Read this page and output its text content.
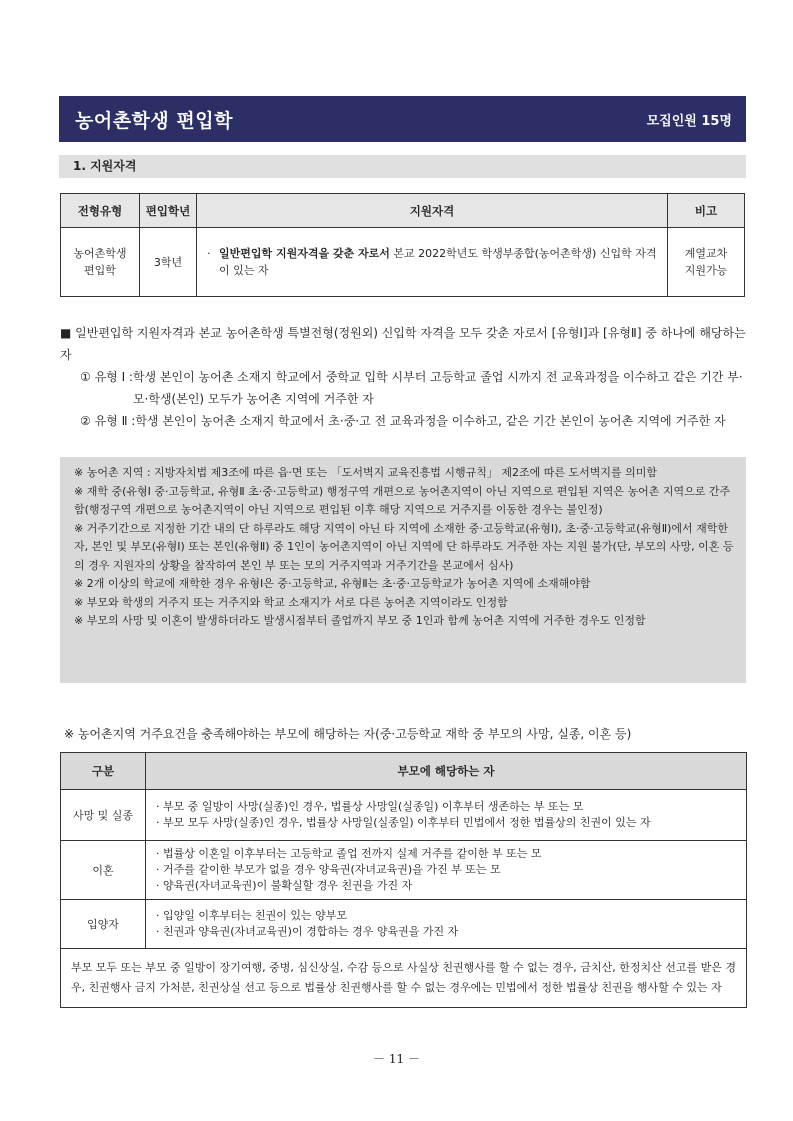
농어촌학생 편입학	모집인원 15명
1. 지원자격
전형유형	편입학년	지원자격	비고
농어촌학생
편입학	3학년	· 일반편입학 지원자격을 갖춘 자로서 본교 2022학년도 학생부종합(농어촌학생) 신입학 자격이 있는 자	계열교차
지원가능
■ 일반편입학 지원자격과 본교 농어촌학생 특별전형(정원외) 신입학 자격을 모두 갖춘 자로서 [유형Ⅰ]과 [유형Ⅱ] 중 하나에 해당하는 자
① 유형 Ⅰ : 학생 본인이 농어촌 소재지 학교에서 중학교 입학 시부터 고등학교 졸업 시까지 전 교육과정을 이수하고 같은 기간 부·모·학생(본인) 모두가 농어촌 지역에 거주한 자
② 유형 Ⅱ : 학생 본인이 농어촌 소재지 학교에서 초·중·고 전 교육과정을 이수하고, 같은 기간 본인이 농어촌 지역에 거주한 자
※ 농어촌 지역 : 지방자치법 제3조에 따른 읍·면 또는 「도서벽지 교육진흥법 시행규칙」 제2조에 따른 도서벽지를 의미함
※ 재학 중(유형Ⅰ 중·고등학교, 유형Ⅱ 초·중·고등학교) 행정구역 개편으로 농어촌지역이 아닌 지역으로 편입된 지역은 농어촌 지역으로 간주함(행정구역 개편으로 농어촌지역이 아닌 지역으로 편입된 이후 해당 지역으로 거주지를 이동한 경우는 불인정)
※ 거주기간으로 지정한 기간 내의 단 하루라도 해당 지역이 아닌 타 지역에 소재한 중·고등학교(유형Ⅰ), 초·중·고등학교(유형Ⅱ)에서 재학한 자, 본인 및 부모(유형Ⅰ) 또는 본인(유형Ⅱ) 중 1인이 농어촌지역이 아닌 지역에 단 하루라도 거주한 자는 지원 불가(단, 부모의 사망, 이혼 등의 경우 지원자의 상황을 참작하여 본인 부 또는 모의 거주지역과 거주기간을 본교에서 심사)
※ 2개 이상의 학교에 재학한 경우 유형Ⅰ은 중·고등학교, 유형Ⅱ는 초·중·고등학교가 농어촌 지역에 소재해야함
※ 부모와 학생의 거주지 또는 거주지와 학교 소재지가 서로 다른 농어촌 지역이라도 인정함
※ 부모의 사망 및 이혼이 발생하더라도 발생시점부터 졸업까지 부모 중 1인과 함께 농어촌 지역에 거주한 경우도 인정함
※ 농어촌지역 거주요건을 충족해야하는 부모에 해당하는 자(중·고등학교 재학 중 부모의 사망, 실종, 이혼 등)
구분	부모에 해당하는 자
사망 및 실종	· 부모 중 일방이 사망(실종)인 경우, 법률상 사망일(실종일) 이후부터 생존하는 부 또는 모
· 부모 모두 사망(실종)인 경우, 법률상 사망일(실종일) 이후부터 민법에서 정한 법률상의 친권이 있는 자

이혼	· 법률상 이혼일 이후부터는 고등학교 졸업 전까지 실제 거주를 같이한 부 또는 모
· 거주를 같이한 부모가 없을 경우 양육권(자녀교육권)을 가진 부 또는 모
· 양육권(자녀교육권)이 불확실할 경우 친권을 가진 자

입양자	· 입양일 이후부터는 친권이 있는 양부모
· 친권과 양육권(자녀교육권)이 경합하는 경우 양육권을 가진 자

부모 모두 또는 부모 중 일방이 장기여행, 중병, 심신상실, 수감 등으로 사실상 친권행사를 할 수 없는 경우, 금치산, 한정치산 선고를 받은 경우, 친권행사 금지 가처분, 친권상실 선고 등으로 법률상 친권행사를 할 수 없는 경우에는 민법에서 정한 법률상 친권을 행사할 수 있는 자	
－ 11 －
